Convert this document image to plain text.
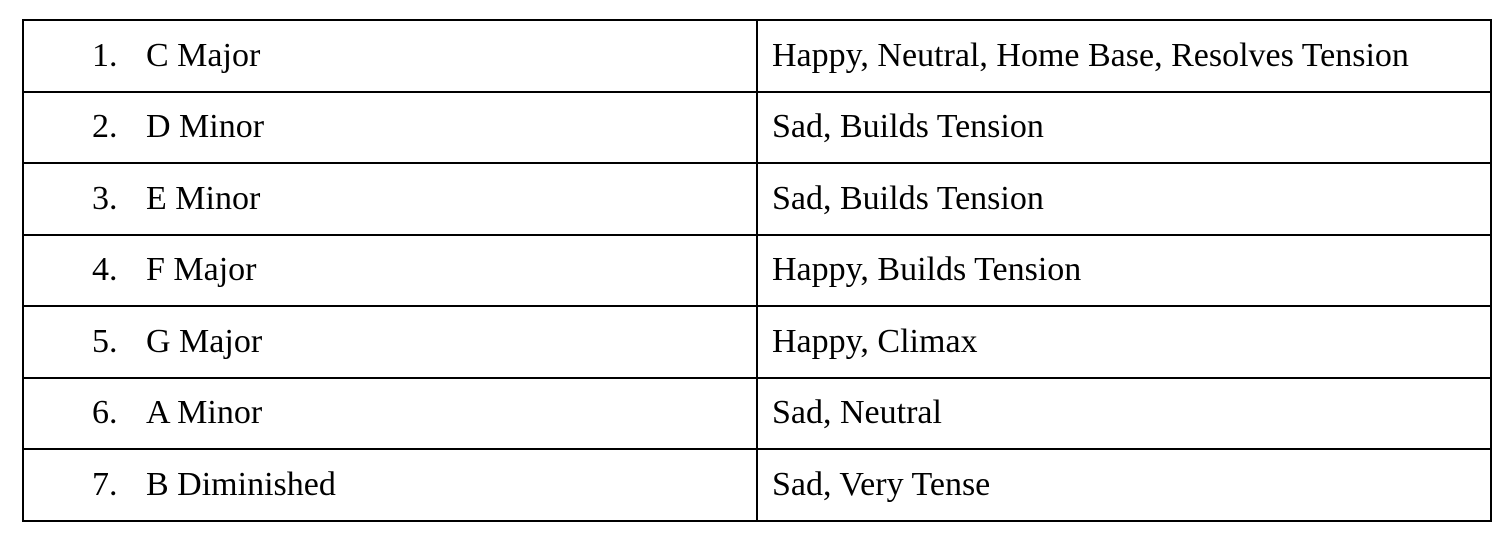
1. C Major	Happy, Neutral, Home Base, Resolves Tension

2. D Minor	Sad, Builds Tension

3. E Minor	Sad, Builds Tension

4. F Major	Happy, Builds Tension

5. G Major	Happy, Climax

6. A Minor	Sad, Neutral

7. B Diminished	Sad, Very Tense
